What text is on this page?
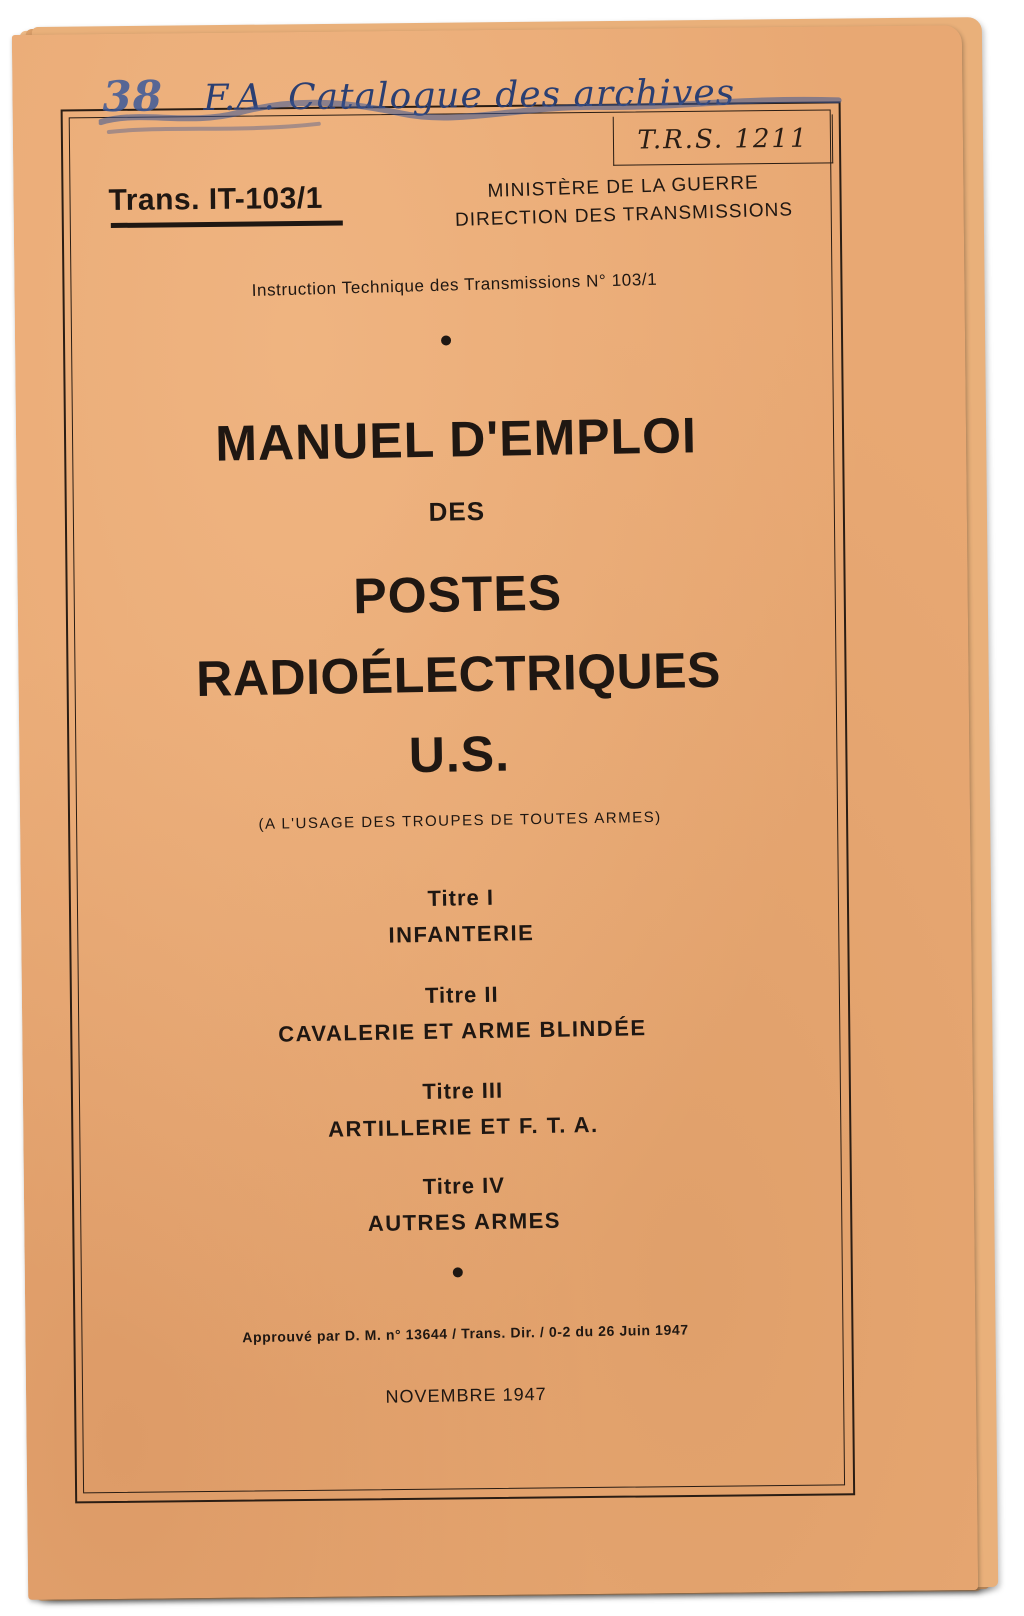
38 F.A. Catalogue des archives
T.R.S. 1211
Trans. IT-103/1	MINISTÈRE DE LA GUERRE
DIRECTION DES TRANSMISSIONS
Instruction Technique des Transmissions N° 103/1
MANUEL D'EMPLOI
DES
POSTES
RADIOÉLECTRIQUES
U.S.
(A L'USAGE DES TROUPES DE TOUTES ARMES)
Titre I
INFANTERIE
Titre II
CAVALERIE ET ARME BLINDÉE
Titre III
ARTILLERIE ET F. T. A.
Titre IV
AUTRES ARMES
Approuvé par D. M. n° 13644 / Trans. Dir. / 0-2 du 26 Juin 1947
NOVEMBRE 1947
